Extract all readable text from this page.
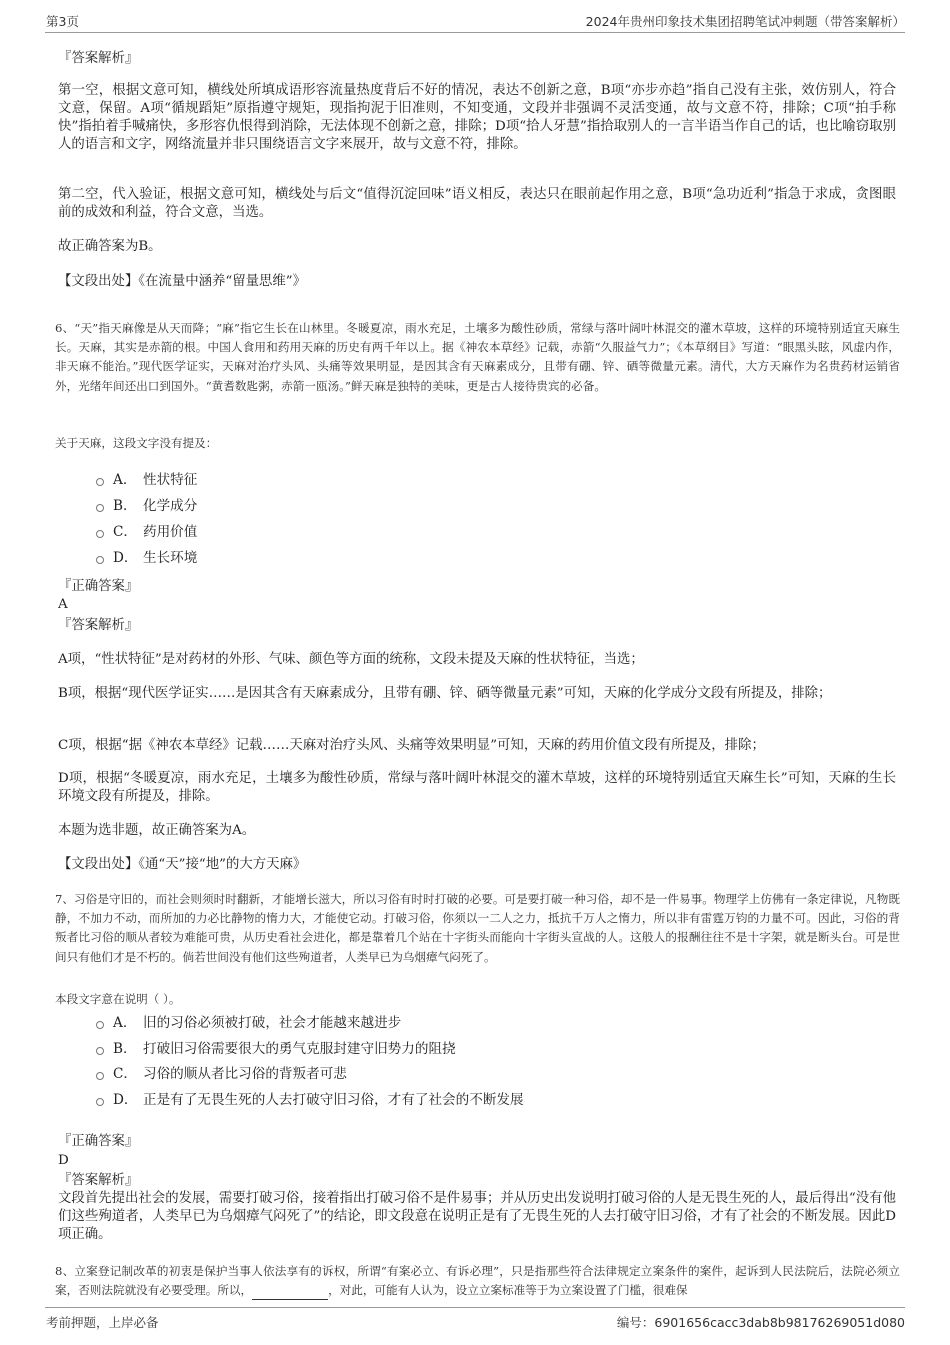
第3页	2024年贵州印象技术集团招聘笔试冲刺题（带答案解析）
『答案解析』

第一空，根据文意可知，横线处所填成语形容流量热度背后不好的情况，表达不创新之意，B项“亦步亦趋”指自己没有主张，效仿别人，符合文意，保留。A项“循规蹈矩”原指遵守规矩，现指拘泥于旧准则，不知变通，文段并非强调不灵活变通，故与文意不符，排除；C项“拍手称快”指拍着手喊痛快，多形容仇恨得到消除，无法体现不创新之意，排除；D项“拾人牙慧”指拾取别人的一言半语当作自己的话，也比喻窃取别人的语言和文字，网络流量并非只围绕语言文字来展开，故与文意不符，排除。

第二空，代入验证，根据文意可知，横线处与后文“值得沉淀回味”语义相反，表达只在眼前起作用之意，B项“急功近利”指急于求成，贪图眼前的成效和利益，符合文意，当选。

故正确答案为B。
【文段出处】《在流量中涵养“留量思维”》

6、“天”指天麻像是从天而降；“麻”指它生长在山林里。冬暖夏凉，雨水充足，土壤多为酸性砂质，常绿与落叶阔叶林混交的灌木草坡，这样的环境特别适宜天麻生长。天麻，其实是赤箭的根。中国人食用和药用天麻的历史有两千年以上。据《神农本草经》记载，赤箭“久服益气力”；《本草纲目》写道：“眼黑头眩，风虚内作，非天麻不能治。”现代医学证实，天麻对治疗头风、头痛等效果明显，是因其含有天麻素成分，且带有硼、锌、硒等微量元素。清代，大方天麻作为名贵药材运销省外，光绪年间还出口到国外。“黄耆数匙粥，赤箭一瓯汤。”鲜天麻是独特的美味，更是古人接待贵宾的必备。

关于天麻，这段文字没有提及：
A． 性状特征
B． 化学成分
C． 药用价值
D． 生长环境
『正确答案』
A
『答案解析』

A项，“性状特征”是对药材的外形、气味、颜色等方面的统称，文段未提及天麻的性状特征，当选；

B项，根据“现代医学证实……是因其含有天麻素成分，且带有硼、锌、硒等微量元素”可知，天麻的化学成分文段有所提及，排除；

C项，根据“据《神农本草经》记载……天麻对治疗头风、头痛等效果明显”可知，天麻的药用价值文段有所提及，排除；

D项，根据“冬暖夏凉，雨水充足，土壤多为酸性砂质，常绿与落叶阔叶林混交的灌木草坡，这样的环境特别适宜天麻生长”可知，天麻的生长环境文段有所提及，排除。

本题为选非题，故正确答案为A。
【文段出处】《通“天”接“地”的大方天麻》

7、习俗是守旧的，而社会则须时时翻新，才能增长滋大，所以习俗有时时打破的必要。可是要打破一种习俗，却不是一件易事。物理学上仿佛有一条定律说，凡物既静，不加力不动，而所加的力必比静物的惰力大，才能使它动。打破习俗，你须以一二人之力，抵抗千万人之惰力，所以非有雷霆万钧的力量不可。因此，习俗的背叛者比习俗的顺从者较为难能可贵，从历史看社会进化，都是靠着几个站在十字街头而能向十字街头宣战的人。这般人的报酬往往不是十字架，就是断头台。可是世间只有他们才是不朽的。倘若世间没有他们这些殉道者，人类早已为乌烟瘴气闷死了。

本段文字意在说明（ ）。
A． 旧的习俗必须被打破，社会才能越来越进步
B． 打破旧习俗需要很大的勇气克服封建守旧势力的阻挠
C． 习俗的顺从者比习俗的背叛者可悲
D． 正是有了无畏生死的人去打破守旧习俗，才有了社会的不断发展
『正确答案』
D
『答案解析』

文段首先提出社会的发展，需要打破习俗，接着指出打破习俗不是件易事；并从历史出发说明打破习俗的人是无畏生死的人，最后得出“没有他们这些殉道者，人类早已为乌烟瘴气闷死了”的结论，即文段意在说明正是有了无畏生死的人去打破守旧习俗，才有了社会的不断发展。因此D项正确。

8、立案登记制改革的初衷是保护当事人依法享有的诉权，所谓“有案必立、有诉必理”，只是指那些符合法律规定立案条件的案件，起诉到人民法院后，法院必须立案，否则法院就没有必要受理。所以，	，对此，可能有人认为，设立立案标准等于为立案设置了门槛，很难保

考前押题，上岸必备	编号：6901656cacc3dab8b98176269051d080
